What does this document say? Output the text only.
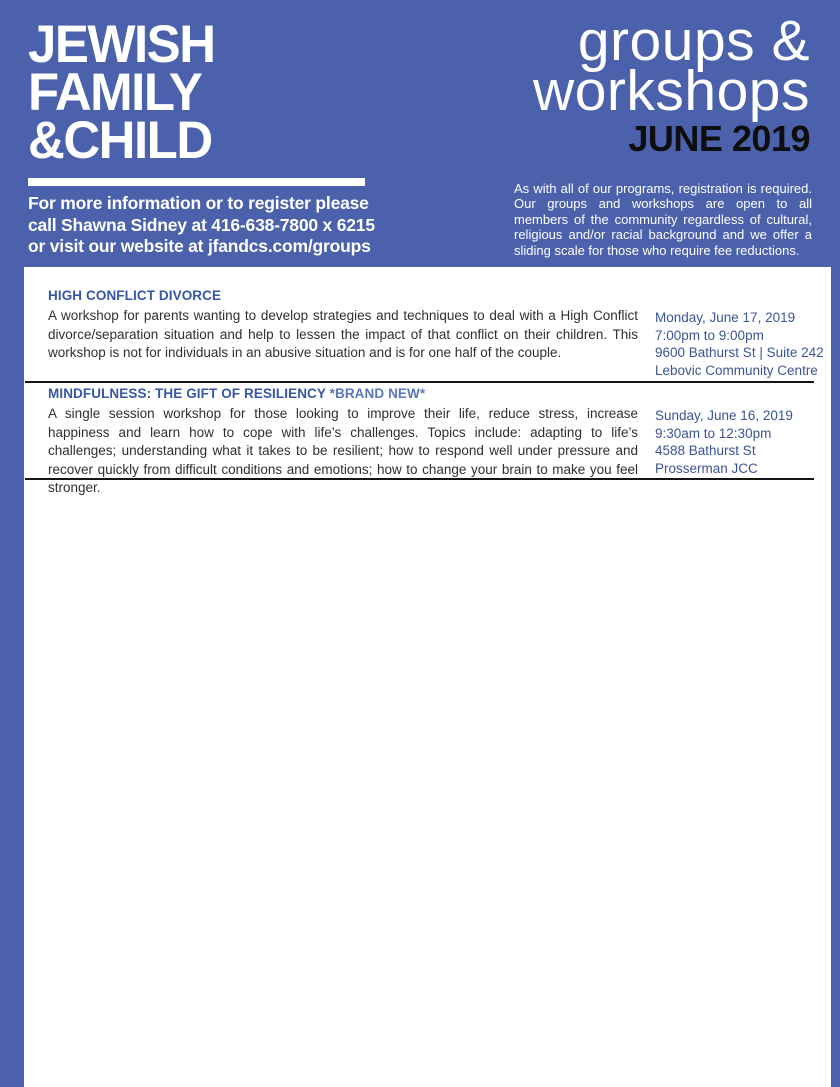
JEWISH
FAMILY
&CHILD
For more information or to register please
call Shawna Sidney at 416-638-7800 x 6215
or visit our website at jfandcs.com/groups
groups &
workshops
JUNE 2019

As with all of our programs, registration is required. Our groups and workshops are open to all members of the community regardless of cultural, religious and/or racial background and we offer a sliding scale for those who require fee reductions.

HIGH CONFLICT DIVORCE

A workshop for parents wanting to develop strategies and techniques to deal with a High Conflict divorce/separation situation and help to lessen the impact of that conflict on their children. This workshop is not for individuals in an abusive situation and is for one half of the couple.

Monday, June 17, 2019
7:00pm to 9:00pm
9600 Bathurst St | Suite 242
Lebovic Community Centre
MINDFULNESS: THE GIFT OF RESILIENCY *BRAND NEW*

A single session workshop for those looking to improve their life, reduce stress, increase happiness and learn how to cope with life’s challenges. Topics include: adapting to life’s challenges; understanding what it takes to be resilient; how to respond well under pressure and recover quickly from difficult conditions and emotions; how to change your brain to make you feel stronger.

Sunday, June 16, 2019
9:30am to 12:30pm
4588 Bathurst St
Prosserman JCC
